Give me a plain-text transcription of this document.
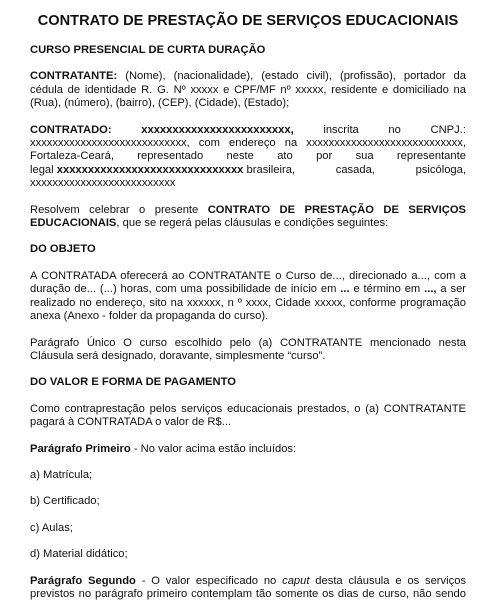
CONTRATO DE PRESTAÇÃO DE SERVIÇOS EDUCACIONAIS
CURSO PRESENCIAL DE CURTA DURAÇÃO

CONTRATANTE: (Nome), (nacionalidade), (estado civil), (profissão), portador da
cédula de identidade R. G. Nº xxxxx e CPF/MF nº xxxxx, residente e domiciliado na
(Rua), (número), (bairro), (CEP), (Cidade), (Estado);

CONTRATADO:	xxxxxxxxxxxxxxxxxxxxxxxx,	inscrita	no	CNPJ.:
xxxxxxxxxxxxxxxxxxxxxxxxxxxx, com endereço na xxxxxxxxxxxxxxxxxxxxxxxxxxxx,
Fortaleza-Ceará, representado neste ato por sua representante
legal xxxxxxxxxxxxxxxxxxxxxxxxxxxxxx brasileira,	casada,	psicóloga,
xxxxxxxxxxxxxxxxxxxxxxxxxx

Resolvem celebrar o presente CONTRATO DE PRESTAÇÃO DE SERVIÇOS
EDUCACIONAIS, que se regerá pelas cláusulas e condições seguintes:

DO OBJETO

A CONTRATADA oferecerá ao CONTRATANTE o Curso de..., direcionado a..., com a
duração de... (...) horas, com uma possibilidade de início em ... e término em ..., a ser
realizado no endereço, sito na xxxxxx, n º xxxx, Cidade xxxxx, conforme programação
anexa (Anexo - folder da propaganda do curso).

Parágrafo Único O curso escolhido pelo (a) CONTRATANTE mencionado nesta
Cláusula será designado, doravante, simplesmente “curso”.

DO VALOR E FORMA DE PAGAMENTO

Como contraprestação pelos serviços educacionais prestados, o (a) CONTRATANTE
pagará à CONTRATADA o valor de R$...

Parágrafo Primeiro - No valor acima estão incluídos:

a) Matrícula;
b) Certificado;
c) Aulas;
d) Material didático;

Parágrafo Segundo - O valor especificado no caput desta cláusula e os serviços
previstos no parágrafo primeiro contemplam tão somente os dias de curso, não sendo
